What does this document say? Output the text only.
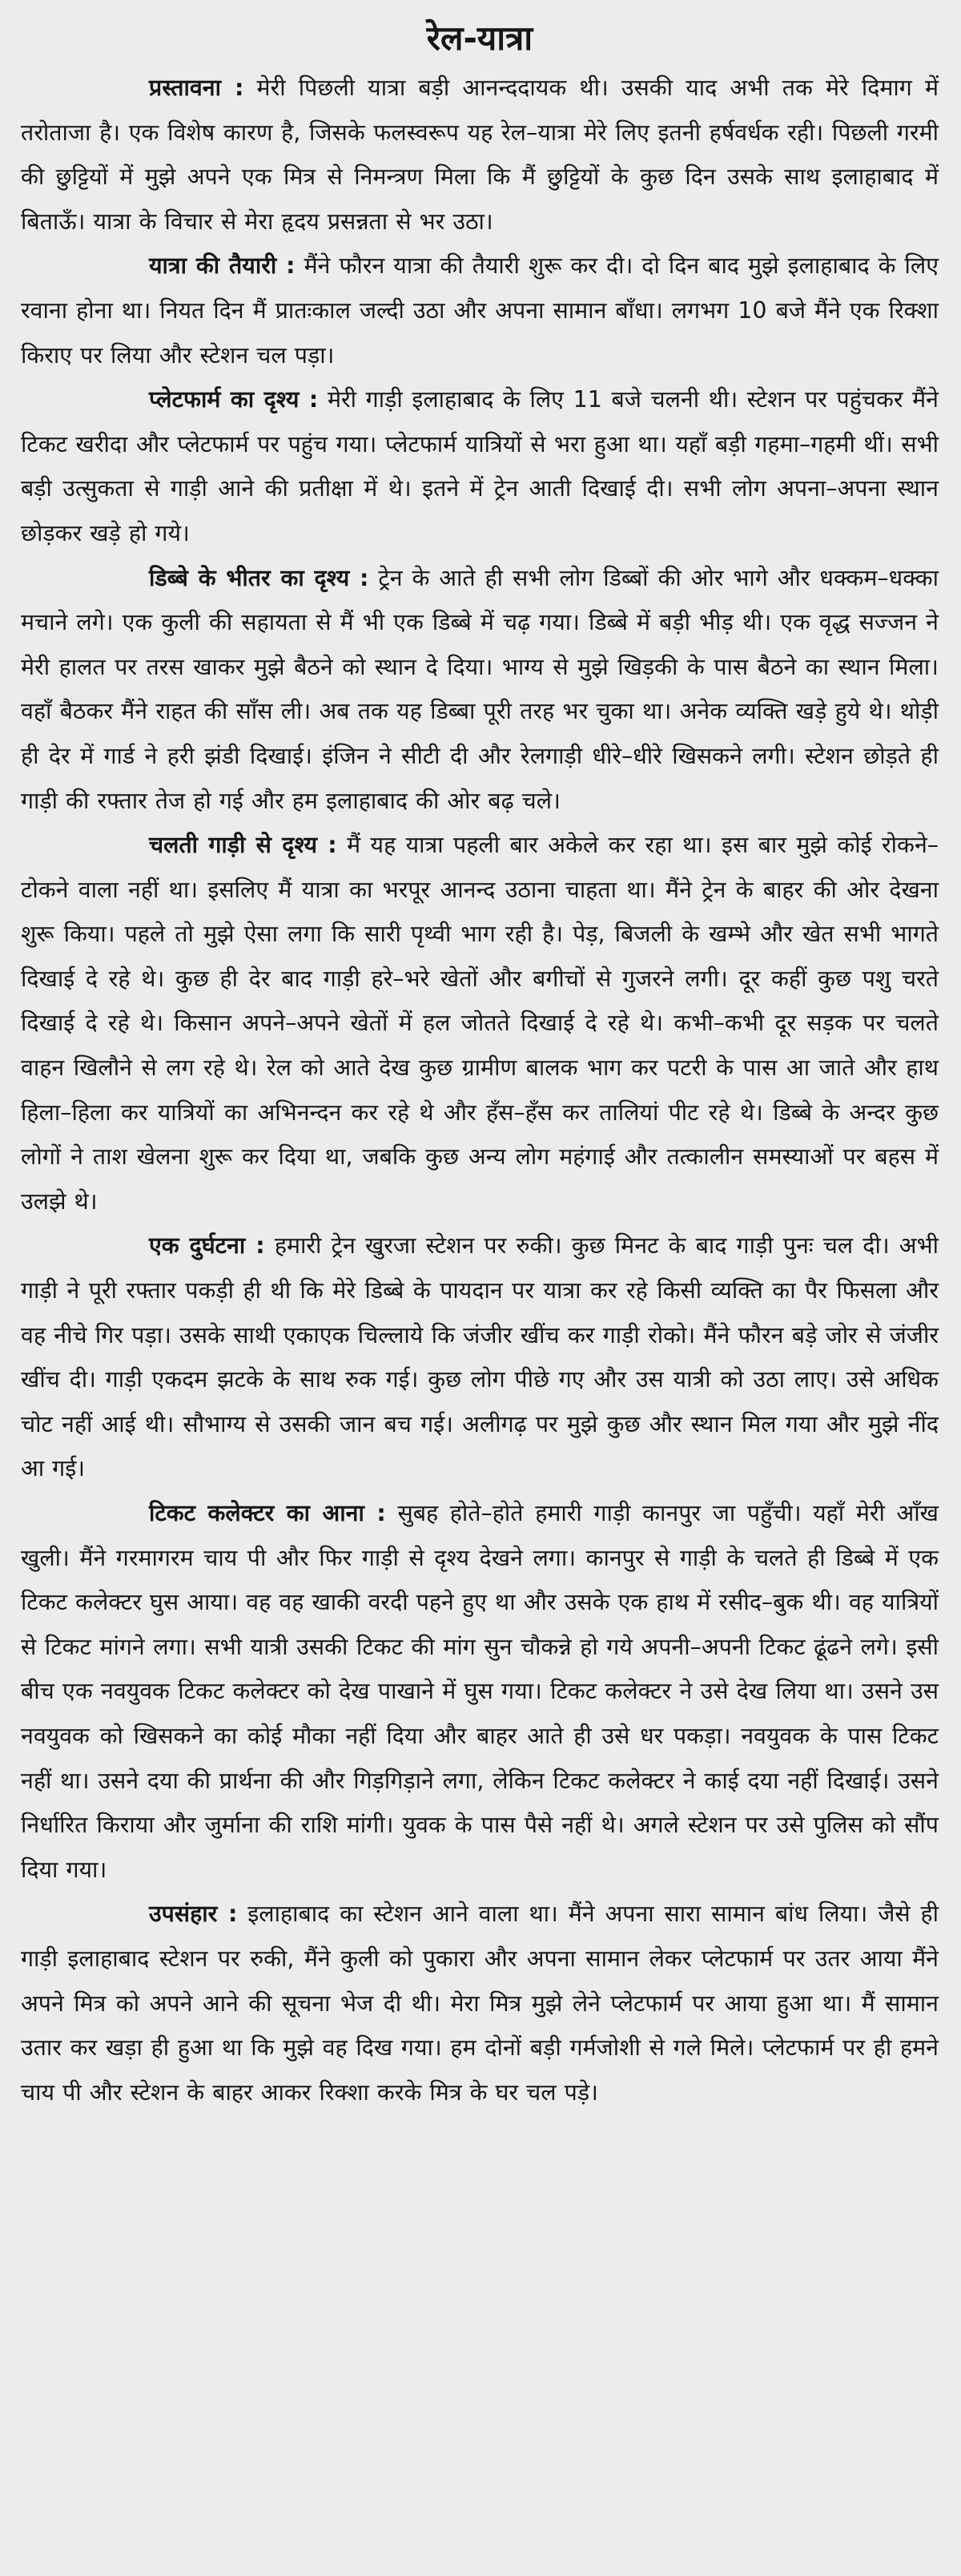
रेल-यात्रा

प्रस्तावना : मेरी पिछली यात्रा बड़ी आनन्ददायक थी। उसकी याद अभी तक मेरे दिमाग में तरोताजा है। एक विशेष कारण है, जिसके फलस्वरूप यह रेल–यात्रा मेरे लिए इतनी हर्षवर्धक रही। पिछली गरमी की छुट्टियों में मुझे अपने एक मित्र से निमन्त्रण मिला कि मैं छुट्टियों के कुछ दिन उसके साथ इलाहाबाद में बिताऊँ। यात्रा के विचार से मेरा हृदय प्रसन्नता से भर उठा।

यात्रा की तैयारी : मैंने फौरन यात्रा की तैयारी शुरू कर दी। दो दिन बाद मुझे इलाहाबाद के लिए रवाना होना था। नियत दिन मैं प्रातःकाल जल्दी उठा और अपना सामान बाँधा। लगभग 10 बजे मैंने एक रिक्शा किराए पर लिया और स्टेशन चल पड़ा।

प्लेटफार्म का दृश्य : मेरी गाड़ी इलाहाबाद के लिए 11 बजे चलनी थी। स्टेशन पर पहुंचकर मैंने टिकट खरीदा और प्लेटफार्म पर पहुंच गया। प्लेटफार्म यात्रियों से भरा हुआ था। यहाँ बड़ी गहमा–गहमी थीं। सभी बड़ी उत्सुकता से गाड़ी आने की प्रतीक्षा में थे। इतने में ट्रेन आती दिखाई दी। सभी लोग अपना–अपना स्थान छोड़कर खड़े हो गये।

डिब्बे के भीतर का दृश्य : ट्रेन के आते ही सभी लोग डिब्बों की ओर भागे और धक्कम–धक्का मचाने लगे। एक कुली की सहायता से मैं भी एक डिब्बे में चढ़ गया। डिब्बे में बड़ी भीड़ थी। एक वृद्ध सज्जन ने मेरी हालत पर तरस खाकर मुझे बैठने को स्थान दे दिया। भाग्य से मुझे खिड़की के पास बैठने का स्थान मिला। वहाँ बैठकर मैंने राहत की साँस ली। अब तक यह डिब्बा पूरी तरह भर चुका था। अनेक व्यक्ति खड़े हुये थे। थोड़ी ही देर में गार्ड ने हरी झंडी दिखाई। इंजिन ने सीटी दी और रेलगाड़ी धीरे–धीरे खिसकने लगी। स्टेशन छोड़ते ही गाड़ी की रफ्तार तेज हो गई और हम इलाहाबाद की ओर बढ़ चले।

चलती गाड़ी से दृश्य : मैं यह यात्रा पहली बार अकेले कर रहा था। इस बार मुझे कोई रोकने–टोकने वाला नहीं था। इसलिए मैं यात्रा का भरपूर आनन्द उठाना चाहता था। मैंने ट्रेन के बाहर की ओर देखना शुरू किया। पहले तो मुझे ऐसा लगा कि सारी पृथ्वी भाग रही है। पेड़, बिजली के खम्भे और खेत सभी भागते दिखाई दे रहे थे। कुछ ही देर बाद गाड़ी हरे–भरे खेतों और बगीचों से गुजरने लगी। दूर कहीं कुछ पशु चरते दिखाई दे रहे थे। किसान अपने–अपने खेतों में हल जोतते दिखाई दे रहे थे। कभी–कभी दूर सड़क पर चलते वाहन खिलौने से लग रहे थे। रेल को आते देख कुछ ग्रामीण बालक भाग कर पटरी के पास आ जाते और हाथ हिला–हिला कर यात्रियों का अभिनन्दन कर रहे थे और हँस–हँस कर तालियां पीट रहे थे। डिब्बे के अन्दर कुछ लोगों ने ताश खेलना शुरू कर दिया था, जबकि कुछ अन्य लोग महंगाई और तत्कालीन समस्याओं पर बहस में उलझे थे।

एक दुर्घटना : हमारी ट्रेन खुरजा स्टेशन पर रुकी। कुछ मिनट के बाद गाड़ी पुनः चल दी। अभी गाड़ी ने पूरी रफ्तार पकड़ी ही थी कि मेरे डिब्बे के पायदान पर यात्रा कर रहे किसी व्यक्ति का पैर फिसला और वह नीचे गिर पड़ा। उसके साथी एकाएक चिल्लाये कि जंजीर खींच कर गाड़ी रोको। मैंने फौरन बड़े जोर से जंजीर खींच दी। गाड़ी एकदम झटके के साथ रुक गई। कुछ लोग पीछे गए और उस यात्री को उठा लाए। उसे अधिक चोट नहीं आई थी। सौभाग्य से उसकी जान बच गई। अलीगढ़ पर मुझे कुछ और स्थान मिल गया और मुझे नींद आ गई।

टिकट कलेक्टर का आना : सुबह होते–होते हमारी गाड़ी कानपुर जा पहुँची। यहाँ मेरी आँख खुली। मैंने गरमागरम चाय पी और फिर गाड़ी से दृश्य देखने लगा। कानपुर से गाड़ी के चलते ही डिब्बे में एक टिकट कलेक्टर घुस आया। वह वह खाकी वरदी पहने हुए था और उसके एक हाथ में रसीद–बुक थी। वह यात्रियों से टिकट मांगने लगा। सभी यात्री उसकी टिकट की मांग सुन चौकन्ने हो गये अपनी–अपनी टिकट ढूंढने लगे। इसी बीच एक नवयुवक टिकट कलेक्टर को देख पाखाने में घुस गया। टिकट कलेक्टर ने उसे देख लिया था। उसने उस नवयुवक को खिसकने का कोई मौका नहीं दिया और बाहर आते ही उसे धर पकड़ा। नवयुवक के पास टिकट नहीं था। उसने दया की प्रार्थना की और गिड़गिड़ाने लगा, लेकिन टिकट कलेक्टर ने काई दया नहीं दिखाई। उसने निर्धारित किराया और जुर्माना की राशि मांगी। युवक के पास पैसे नहीं थे। अगले स्टेशन पर उसे पुलिस को सौंप दिया गया।

उपसंहार : इलाहाबाद का स्टेशन आने वाला था। मैंने अपना सारा सामान बांध लिया। जैसे ही गाड़ी इलाहाबाद स्टेशन पर रुकी, मैंने कुली को पुकारा और अपना सामान लेकर प्लेटफार्म पर उतर आया मैंने अपने मित्र को अपने आने की सूचना भेज दी थी। मेरा मित्र मुझे लेने प्लेटफार्म पर आया हुआ था। मैं सामान उतार कर खड़ा ही हुआ था कि मुझे वह दिख गया। हम दोनों बड़ी गर्मजोशी से गले मिले। प्लेटफार्म पर ही हमने चाय पी और स्टेशन के बाहर आकर रिक्शा करके मित्र के घर चल पड़े।
